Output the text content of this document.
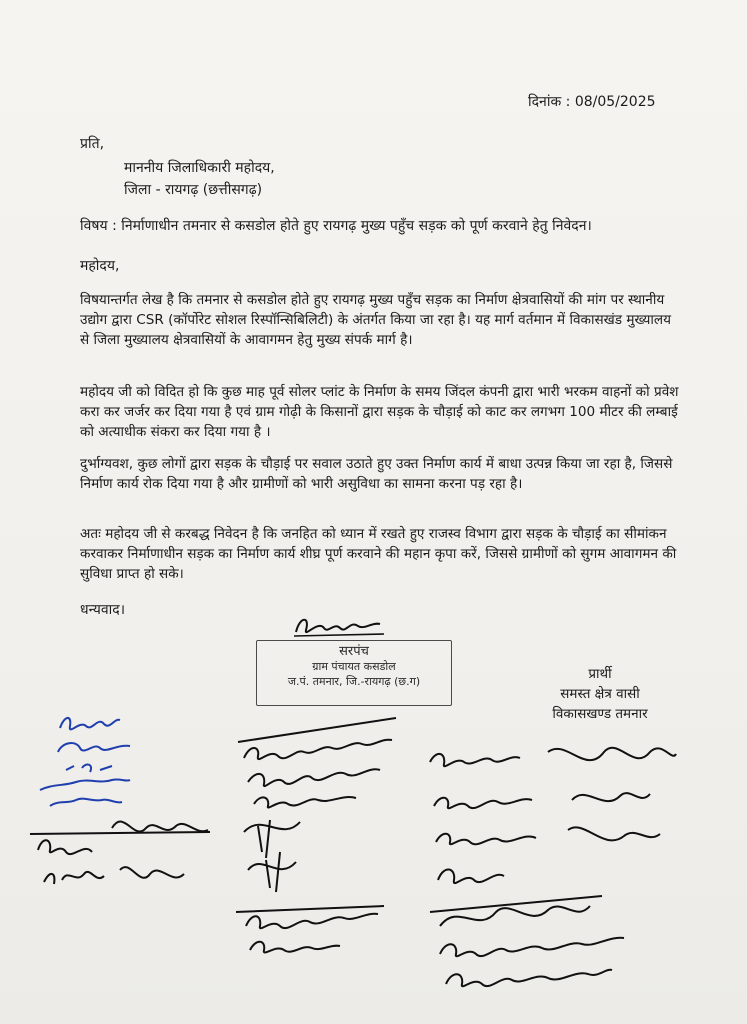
दिनांक : 08/05/2025
प्रति,
माननीय जिलाधिकारी महोदय,
जिला - रायगढ़ (छत्तीसगढ़)
विषय : निर्माणाधीन तमनार से कसडोल होते हुए रायगढ़ मुख्य पहुँच सड़क को पूर्ण करवाने हेतु निवेदन।
महोदय,
विषयान्तर्गत लेख है कि तमनार से कसडोल होते हुए रायगढ़ मुख्य पहुँच सड़क का निर्माण क्षेत्रवासियों की मांग पर स्थानीय उद्योग द्वारा CSR (कॉर्पोरेट सोशल रिस्पॉन्सिबिलिटी) के अंतर्गत किया जा रहा है। यह मार्ग वर्तमान में विकासखंड मुख्यालय से जिला मुख्यालय क्षेत्रवासियों के आवागमन हेतु मुख्य संपर्क मार्ग है।
महोदय जी को विदित हो कि कुछ माह पूर्व सोलर प्लांट के निर्माण के समय जिंदल कंपनी द्वारा भारी भरकम वाहनों को प्रवेश करा कर जर्जर कर दिया गया है एवं ग्राम गोढ़ी के किसानों द्वारा सड़क के चौड़ाई को काट कर लगभग 100 मीटर की लम्बाई को अत्याधीक संकरा कर दिया गया है ।
दुर्भाग्यवश, कुछ लोगों द्वारा सड़क के चौड़ाई पर सवाल उठाते हुए उक्त निर्माण कार्य में बाधा उत्पन्न किया जा रहा है, जिससे निर्माण कार्य रोक दिया गया है और ग्रामीणों को भारी असुविधा का सामना करना पड़ रहा है।
अतः महोदय जी से करबद्ध निवेदन है कि जनहित को ध्यान में रखते हुए राजस्व विभाग द्वारा सड़क के चौड़ाई का सीमांकन करवाकर निर्माणाधीन सड़क का निर्माण कार्य शीघ्र पूर्ण करवाने की महान कृपा करें, जिससे ग्रामीणों को सुगम आवागमन की सुविधा प्राप्त हो सके।
धन्यवाद।
सरपंच
ग्राम पंचायत कसडोल
ज.पं. तमनार, जि.-रायगढ़ (छ.ग)	प्रार्थी
समस्त क्षेत्र वासी
विकासखण्ड तमनार
